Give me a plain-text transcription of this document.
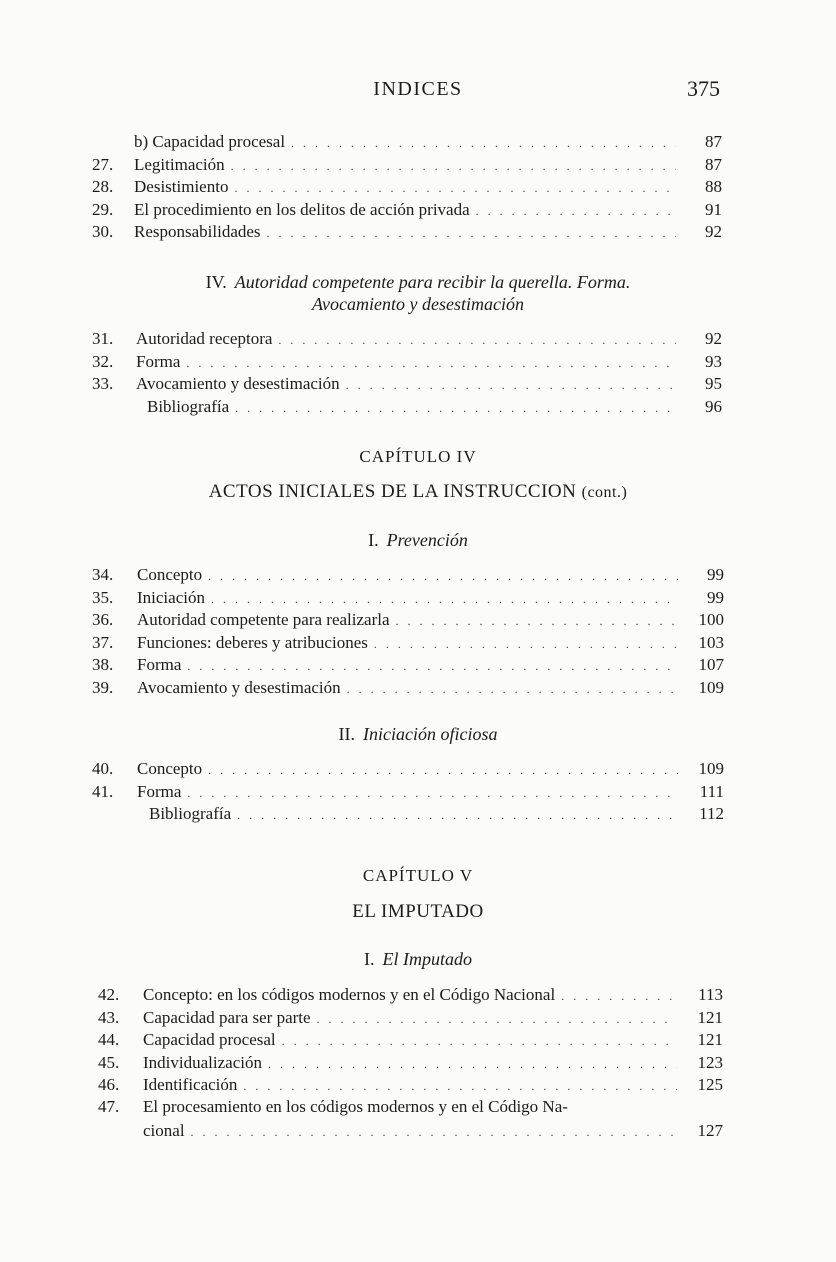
INDICES	375
b) Capacidad procesal . . .	87
27. Legitimación . . .	87
28. Desistimiento . . .	88
29. El procedimiento en los delitos de acción privada . . .	91
30. Responsabilidades . . .	92
IV. Autoridad competente para recibir la querella. Forma.
Avocamiento y desestimación
31. Autoridad receptora . . .	92
32. Forma . . .	93
33. Avocamiento y desestimación . . .	95
Bibliografía . . .	96
CAPÍTULO IV
ACTOS INICIALES DE LA INSTRUCCION (cont.)
I. Prevención
34. Concepto . . .	99
35. Iniciación . . .	99
36. Autoridad competente para realizarla . . .	100
37. Funciones: deberes y atribuciones . . .	103
38. Forma . . .	107
39. Avocamiento y desestimación . . .	109
II. Iniciación oficiosa
40. Concepto . . .	109
41. Forma . . .	111
Bibliografía . . .	112
CAPÍTULO V
EL IMPUTADO
I. El Imputado
42. Concepto: en los códigos modernos y en el Código Nacional . . .	113
43. Capacidad para ser parte . . .	121
44. Capacidad procesal . . .	121
45. Individualización . . .	123
46. Identificación . . .	125
47. El procesamiento en los códigos modernos y en el Código Na-
cional . . .	127
